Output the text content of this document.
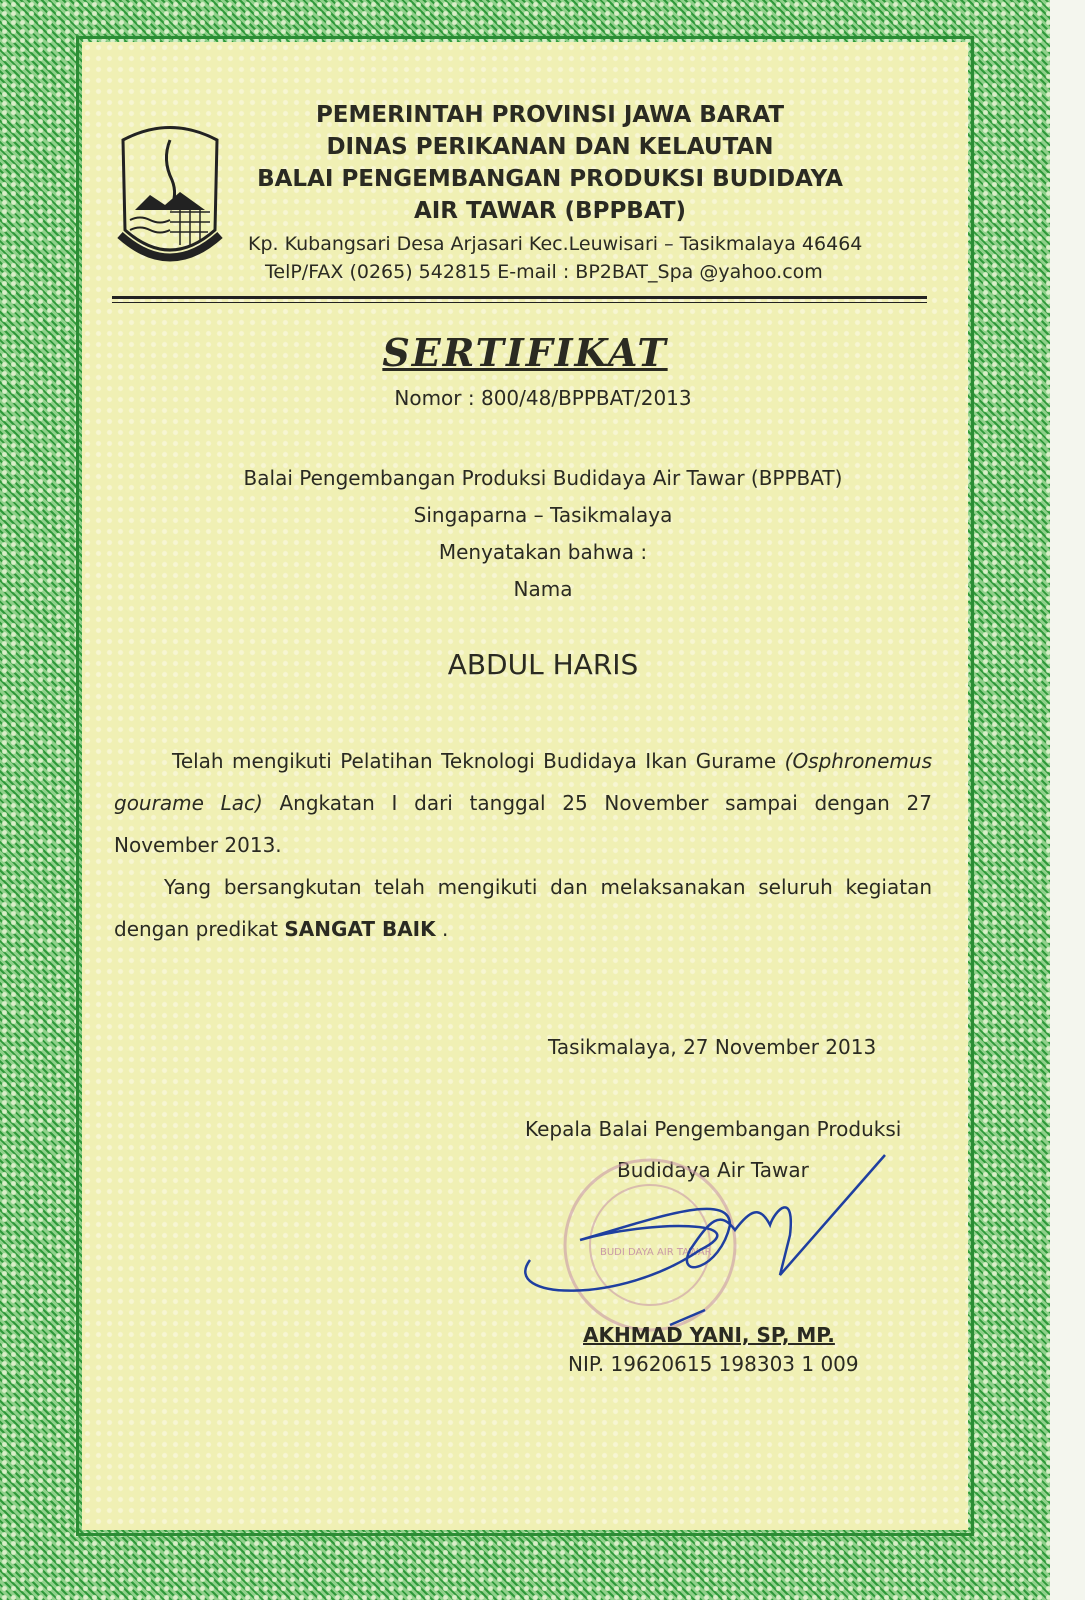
PEMERINTAH PROVINSI JAWA BARAT
DINAS PERIKANAN DAN KELAUTAN
BALAI PENGEMBANGAN PRODUKSI BUDIDAYA
AIR TAWAR (BPPBAT)
Kp. Kubangsari Desa Arjasari Kec.Leuwisari – Tasikmalaya 46464
TelP/FAX (0265) 542815 E-mail : BP2BAT_Spa @yahoo.com
SERTIFIKAT
Nomor : 800/48/BPPBAT/2013
Balai Pengembangan Produksi Budidaya Air Tawar (BPPBAT)
Singaparna – Tasikmalaya
Menyatakan bahwa :
Nama
ABDUL HARIS
Telah mengikuti Pelatihan Teknologi Budidaya Ikan Gurame (Osphronemus gourame Lac) Angkatan I dari tanggal 25 November sampai dengan 27 November 2013.
Yang bersangkutan telah mengikuti dan melaksanakan seluruh kegiatan dengan predikat SANGAT BAIK .
Tasikmalaya, 27 November 2013
Kepala Balai Pengembangan Produksi
Budidaya Air Tawar
BUDI DAYA AIR TAWAR
AKHMAD YANI, SP, MP.
NIP. 19620615 198303 1 009
